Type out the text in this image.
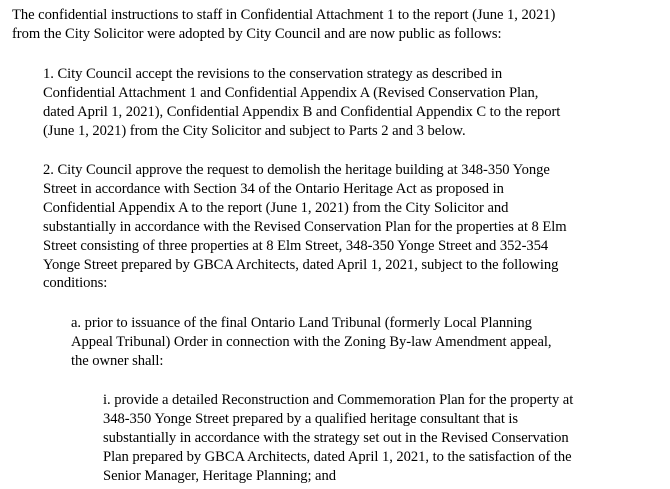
The confidential instructions to staff in Confidential Attachment 1 to the report (June 1, 2021)
from the City Solicitor were adopted by City Council and are now public as follows:

1. City Council accept the revisions to the conservation strategy as described in
Confidential Attachment 1 and Confidential Appendix A (Revised Conservation Plan,
dated April 1, 2021), Confidential Appendix B and Confidential Appendix C to the report
(June 1, 2021) from the City Solicitor and subject to Parts 2 and 3 below.

2. City Council approve the request to demolish the heritage building at 348-350 Yonge
Street in accordance with Section 34 of the Ontario Heritage Act as proposed in
Confidential Appendix A to the report (June 1, 2021) from the City Solicitor and
substantially in accordance with the Revised Conservation Plan for the properties at 8 Elm
Street consisting of three properties at 8 Elm Street, 348-350 Yonge Street and 352-354
Yonge Street prepared by GBCA Architects, dated April 1, 2021, subject to the following
conditions:

a. prior to issuance of the final Ontario Land Tribunal (formerly Local Planning
Appeal Tribunal) Order in connection with the Zoning By-law Amendment appeal,
the owner shall:

i. provide a detailed Reconstruction and Commemoration Plan for the property at
348-350 Yonge Street prepared by a qualified heritage consultant that is
substantially in accordance with the strategy set out in the Revised Conservation
Plan prepared by GBCA Architects, dated April 1, 2021, to the satisfaction of the
Senior Manager, Heritage Planning; and
